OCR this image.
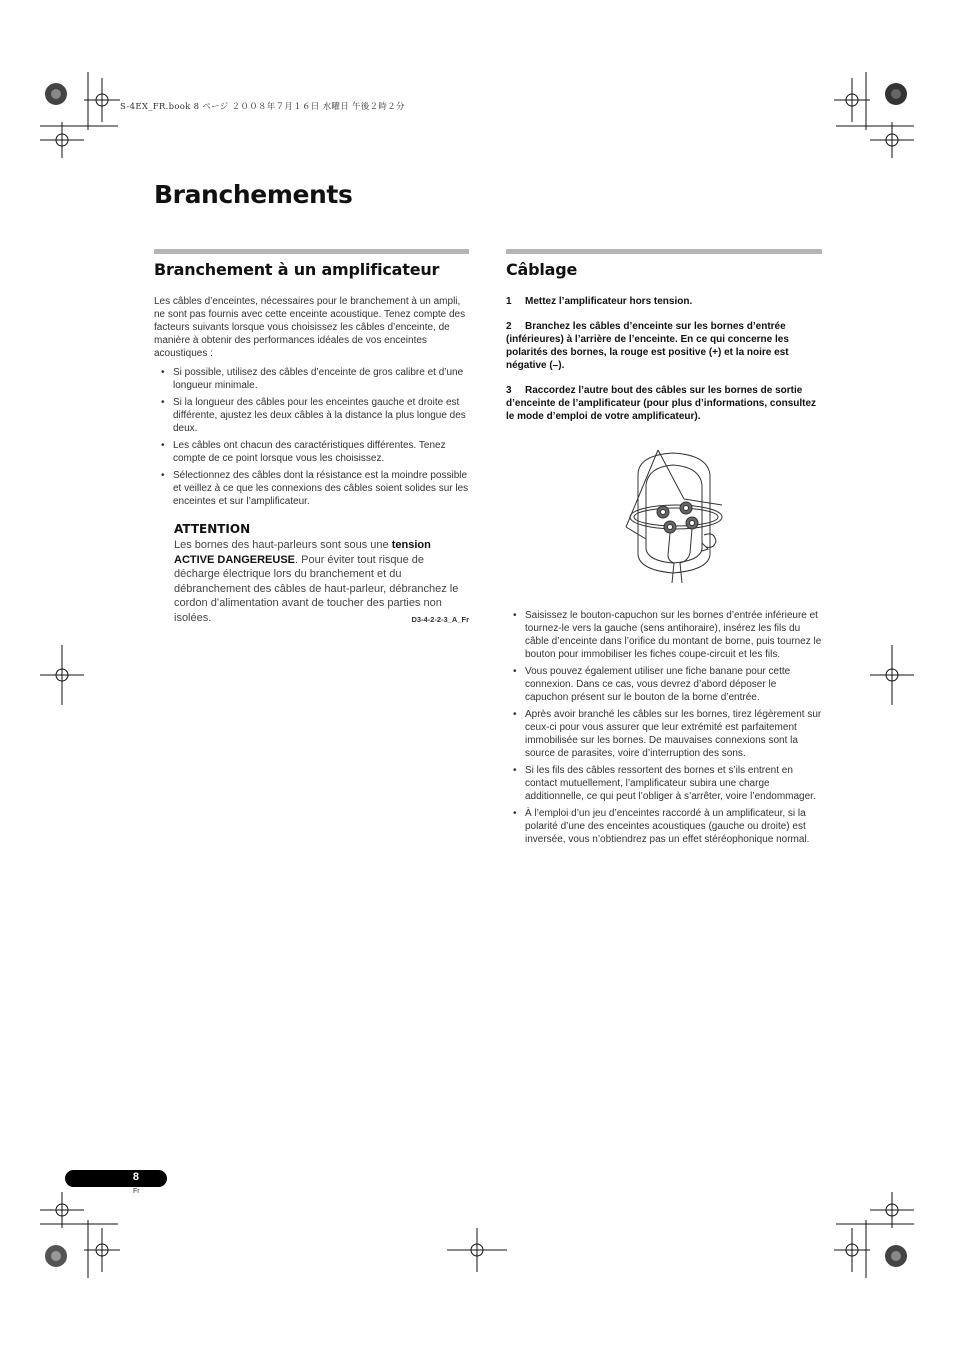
S-4EX_FR.book 8 ページ ２００８年７月１６日 水曜日 午後２時２分
Branchements
Branchement à un amplificateur

Les câbles d’enceintes, nécessaires pour le branchement à un ampli, ne sont pas fournis avec cette enceinte acoustique. Tenez compte des facteurs suivants lorsque vous choisissez les câbles d’enceinte, de manière à obtenir des performances idéales de vos enceintes acoustiques :

• Si possible, utilisez des câbles d’enceinte de gros calibre et d’une longueur minimale.
• Si la longueur des câbles pour les enceintes gauche et droite est différente, ajustez les deux câbles à la distance la plus longue des deux.
• Les câbles ont chacun des caractéristiques différentes. Tenez compte de ce point lorsque vous les choisissez.
• Sélectionnez des câbles dont la résistance est la moindre possible et veillez à ce que les connexions des câbles soient solides sur les enceintes et sur l’amplificateur.
ATTENTION
Les bornes des haut-parleurs sont sous une tension ACTIVE DANGEREUSE. Pour éviter tout risque de décharge électrique lors du branchement et du débranchement des câbles de haut-parleur, débranchez le cordon d’alimentation avant de toucher des parties non isolées.	D3-4-2-2-3_A_Fr
Câblage

1 Mettez l’amplificateur hors tension.

2 Branchez les câbles d’enceinte sur les bornes d’entrée (inférieures) à l’arrière de l’enceinte. En ce qui concerne les polarités des bornes, la rouge est positive (+) et la noire est négative (–).

3 Raccordez l’autre bout des câbles sur les bornes de sortie d’enceinte de l’amplificateur (pour plus d’informations, consultez le mode d’emploi de votre amplificateur).

• Saisissez le bouton-capuchon sur les bornes d’entrée inférieure et tournez-le vers la gauche (sens antihoraire), insérez les fils du câble d’enceinte dans l’orifice du montant de borne, puis tournez le bouton pour immobiliser les fiches coupe-circuit et les fils.
• Vous pouvez également utiliser une fiche banane pour cette connexion. Dans ce cas, vous devrez d’abord déposer le capuchon présent sur le bouton de la borne d’entrée.
• Après avoir branché les câbles sur les bornes, tirez légèrement sur ceux-ci pour vous assurer que leur extrémité est parfaitement immobilisée sur les bornes. De mauvaises connexions sont la source de parasites, voire d’interruption des sons.
• Si les fils des câbles ressortent des bornes et s’ils entrent en contact mutuellement, l’amplificateur subira une charge additionnelle, ce qui peut l’obliger à s’arrêter, voire l’endommager.
• À l’emploi d’un jeu d’enceintes raccordé à un amplificateur, si la polarité d’une des enceintes acoustiques (gauche ou droite) est inversée, vous n’obtiendrez pas un effet stéréophonique normal.
8
Fr
